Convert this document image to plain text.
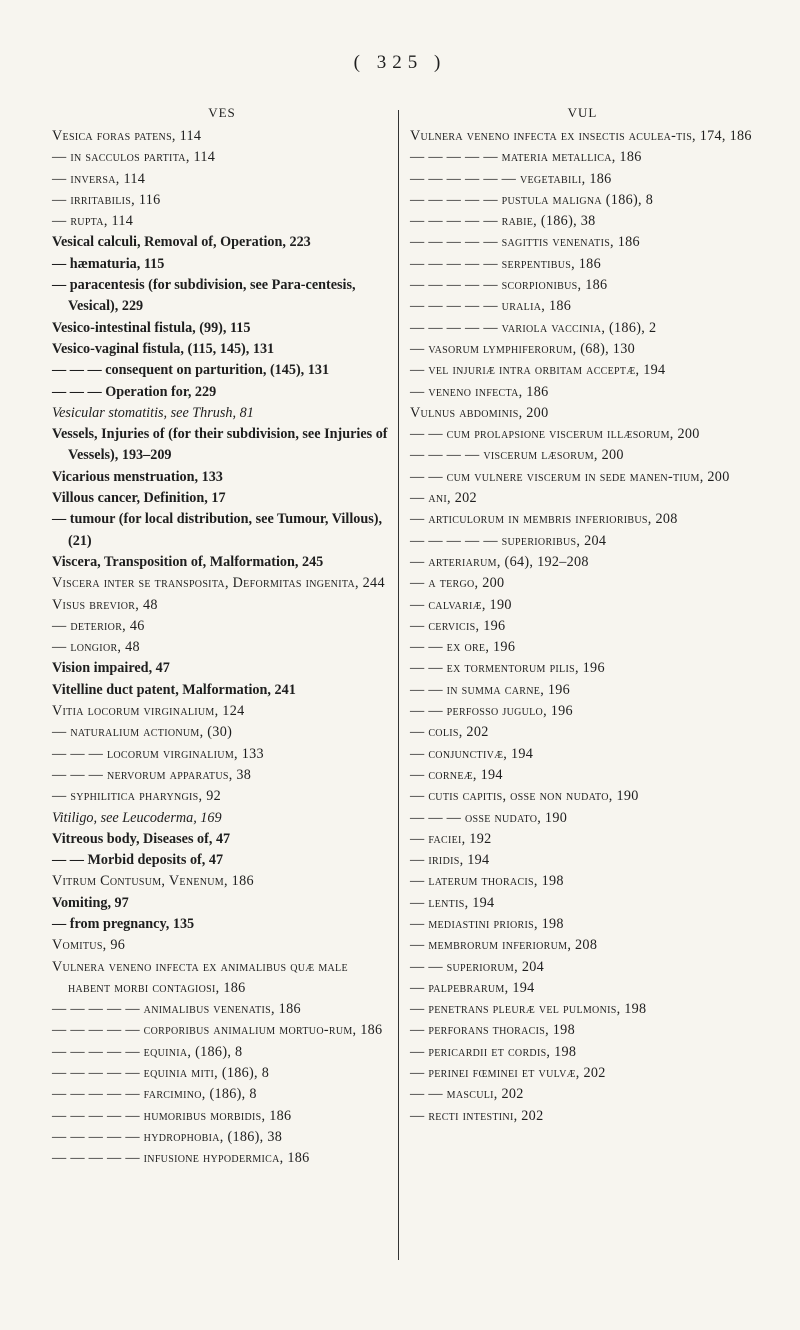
( 325 )
VES
Vesica foras patens, 114
— in sacculos partita, 114
— inversa, 114
— irritabilis, 116
— rupta, 114
Vesical calculi, Removal of, Operation, 223
— hæmaturia, 115
— paracentesis (for subdivision, see Para-centesis, Vesical), 229
Vesico-intestinal fistula, (99), 115
Vesico-vaginal fistula, (115, 145), 131
— — — consequent on parturition, (145), 131
— — — Operation for, 229
Vesicular stomatitis, see Thrush, 81
Vessels, Injuries of (for their subdivision, see Injuries of Vessels), 193–209
Vicarious menstruation, 133
Villous cancer, Definition, 17
— tumour (for local distribution, see Tumour, Villous), (21)
Viscera, Transposition of, Malformation, 245
Viscera inter se transposita, Deformitas ingenita, 244
Visus brevior, 48
— deterior, 46
— longior, 48
Vision impaired, 47
Vitelline duct patent, Malformation, 241
Vitia locorum virginalium, 124
— naturalium actionum, (30)
— — — locorum virginalium, 133
— — — nervorum apparatus, 38
— syphilitica pharyngis, 92
Vitiligo, see Leucoderma, 169
Vitreous body, Diseases of, 47
— — Morbid deposits of, 47
Vitrum Contusum, Venenum, 186
Vomiting, 97
— from pregnancy, 135
Vomitus, 96
Vulnera veneno infecta ex animalibus quæ male habent morbi contagiosi, 186
— — — — — animalibus venenatis, 186
— — — — — corporibus animalium mortuo-rum, 186
— — — — — equinia, (186), 8
— — — — — equinia miti, (186), 8
— — — — — farcimino, (186), 8
— — — — — humoribus morbidis, 186
— — — — — hydrophobia, (186), 38
— — — — — infusione hypodermica, 186
VUL
Vulnera veneno infecta ex insectis aculea-tis, 174, 186
— — — — — materia metallica, 186
— — — — — — vegetabili, 186
— — — — — pustula maligna (186), 8
— — — — — rabie, (186), 38
— — — — — sagittis venenatis, 186
— — — — — serpentibus, 186
— — — — — scorpionibus, 186
— — — — — uralia, 186
— — — — — variola vaccinia, (186), 2
— vasorum lymphiferorum, (68), 130
— vel injuriæ intra orbitam acceptæ, 194
— veneno infecta, 186
Vulnus abdominis, 200
— — cum prolapsione viscerum illæsorum, 200
— — — — viscerum læsorum, 200
— — cum vulnere viscerum in sede manen-tium, 200
— ani, 202
— articulorum in membris inferioribus, 208
— — — — — superioribus, 204
— arteriarum, (64), 192–208
— a tergo, 200
— calvariæ, 190
— cervicis, 196
— — ex ore, 196
— — ex tormentorum pilis, 196
— — in summa carne, 196
— — perfosso jugulo, 196
— colis, 202
— conjunctivæ, 194
— corneæ, 194
— cutis capitis, osse non nudato, 190
— — — osse nudato, 190
— faciei, 192
— iridis, 194
— laterum thoracis, 198
— lentis, 194
— mediastini prioris, 198
— membrorum inferiorum, 208
— — superiorum, 204
— palpebrarum, 194
— penetrans pleuræ vel pulmonis, 198
— perforans thoracis, 198
— pericardii et cordis, 198
— perinei fœminei et vulvæ, 202
— — masculi, 202
— recti intestini, 202
